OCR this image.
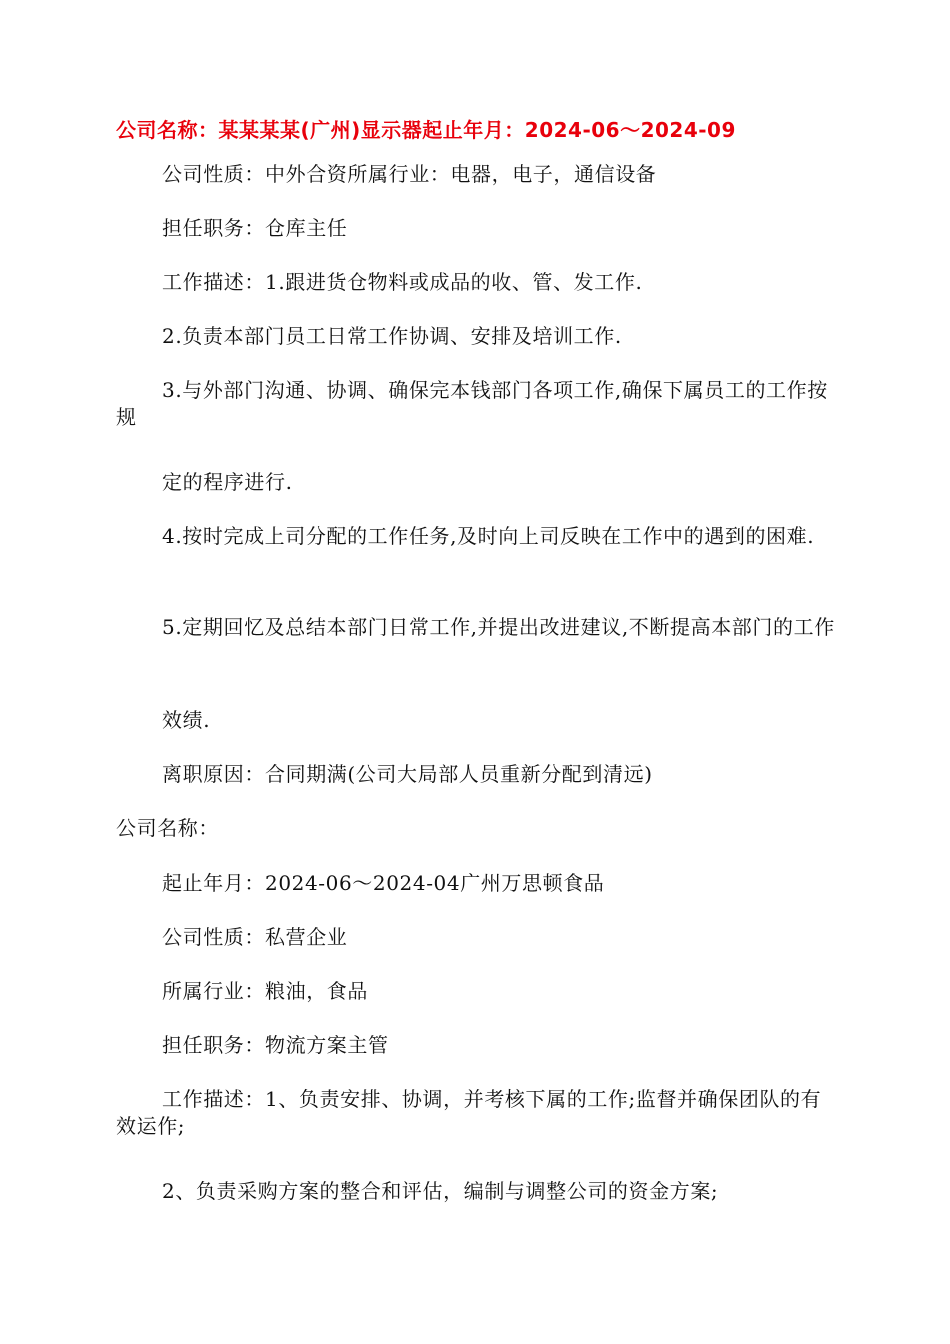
公司名称：某某某某(广州)显示器起止年月：2024-06～2024-09
公司性质：中外合资所属行业：电器，电子，通信设备
担任职务：仓库主任
工作描述：1.跟进货仓物料或成品的收、管、发工作.
2.负责本部门员工日常工作协调、安排及培训工作.
3.与外部门沟通、协调、确保完本钱部门各项工作,确保下属员工的工作按规
定的程序进行.
4.按时完成上司分配的工作任务,及时向上司反映在工作中的遇到的困难.
5.定期回忆及总结本部门日常工作,并提出改进建议,不断提高本部门的工作
效绩.
离职原因：合同期满(公司大局部人员重新分配到清远)
公司名称：
起止年月：2024-06～2024-04广州万思顿食品
公司性质：私营企业
所属行业：粮油，食品
担任职务：物流方案主管
工作描述：1、负责安排、协调，并考核下属的工作;监督并确保团队的有效运作;
2、负责采购方案的整合和评估，编制与调整公司的资金方案;
